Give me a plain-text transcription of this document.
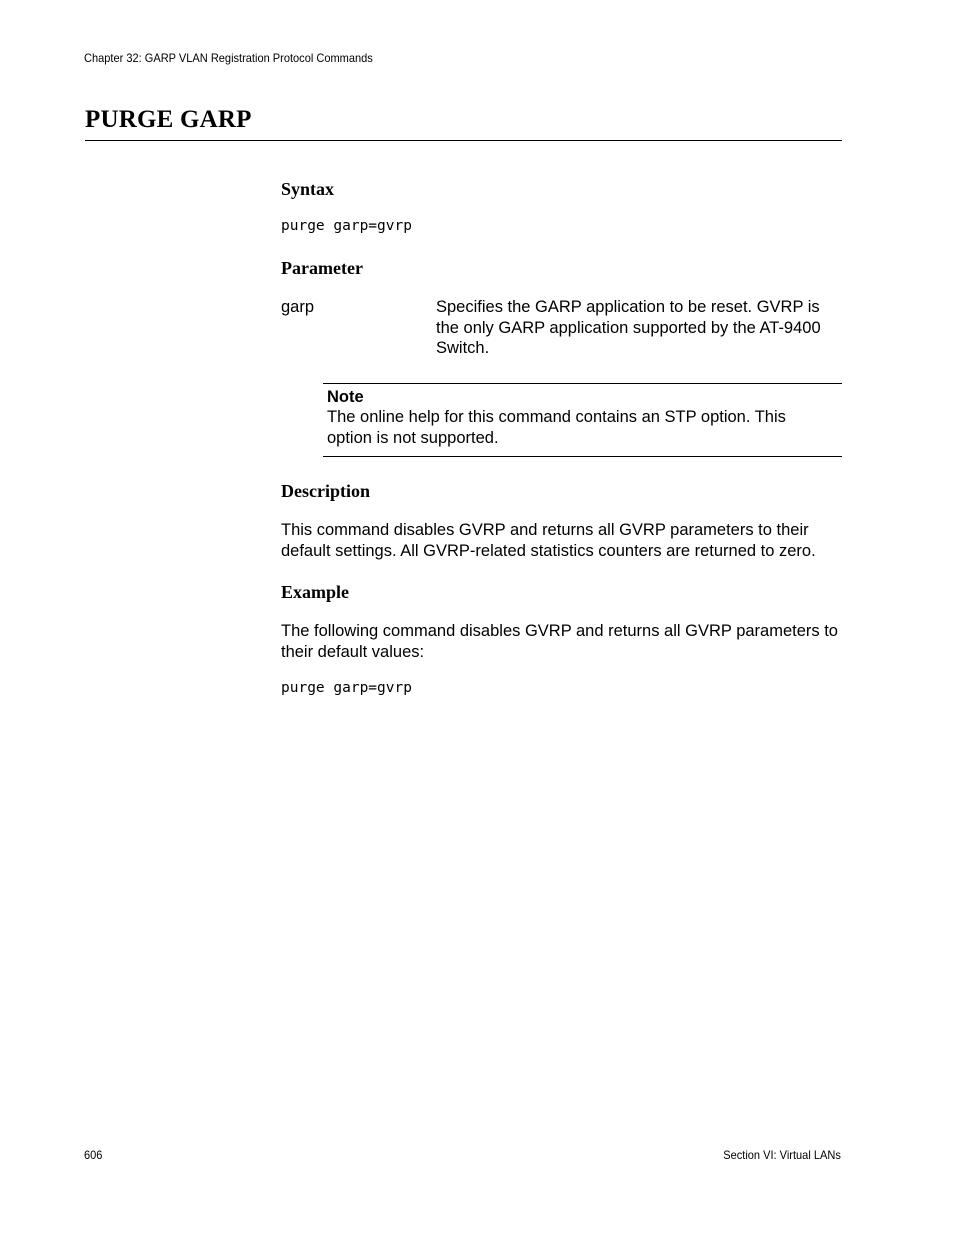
Chapter 32: GARP VLAN Registration Protocol Commands
PURGE GARP
Syntax
purge garp=gvrp
Parameter
garp	Specifies the GARP application to be reset. GVRP is the only GARP application supported by the AT-9400 Switch.

Note

The online help for this command contains an STP option. This option is not supported.

Description

This command disables GVRP and returns all GVRP parameters to their default settings. All GVRP-related statistics counters are returned to zero.

Example

The following command disables GVRP and returns all GVRP parameters to their default values:

purge garp=gvrp
606	Section VI: Virtual LANs
